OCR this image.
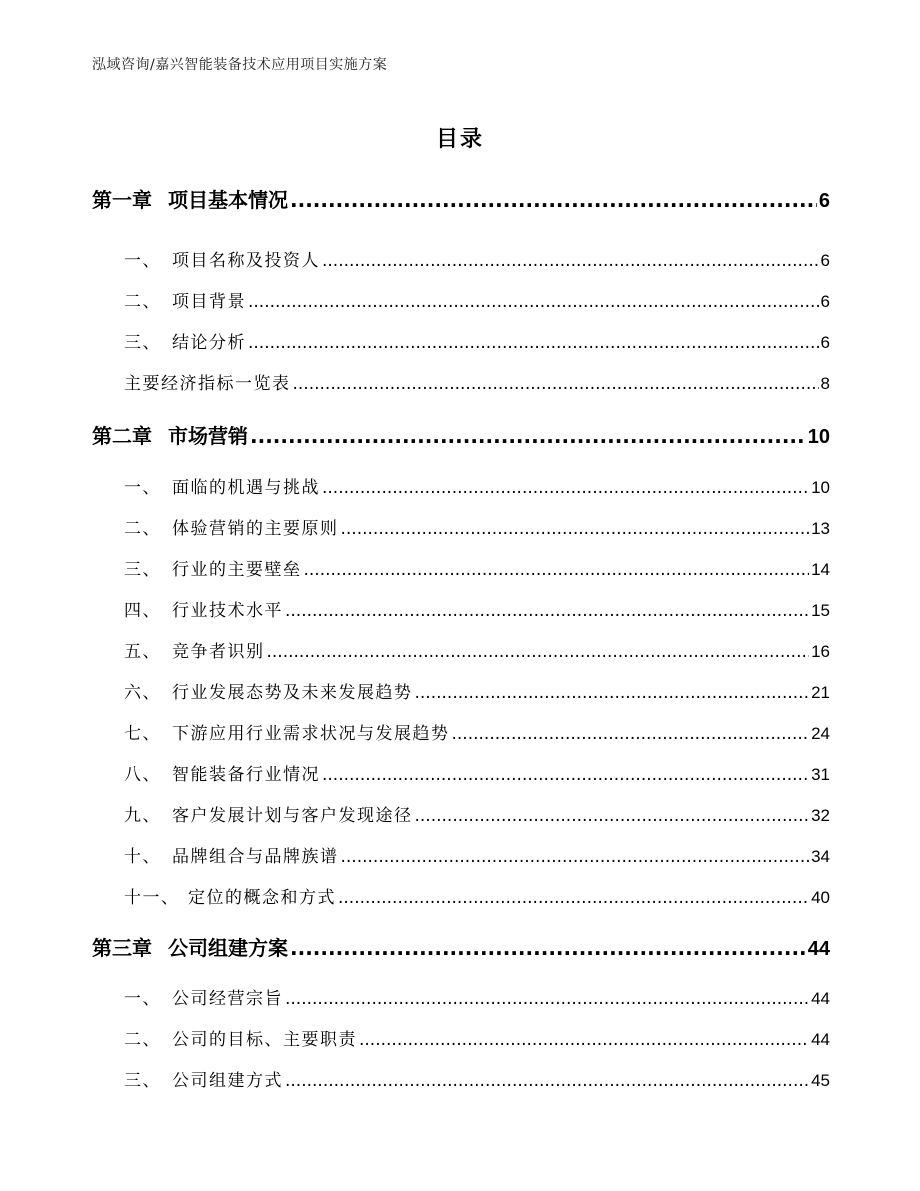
泓域咨询/嘉兴智能装备技术应用项目实施方案
目录
第一章 项目基本情况 .....	6
一、 项目名称及投资人 .....	6
二、 项目背景 .....	6
三、 结论分析 .....	6
主要经济指标一览表 .....	8
第二章 市场营销 .....	10
一、 面临的机遇与挑战 .....	10
二、 体验营销的主要原则 .....	13
三、 行业的主要壁垒 .....	14
四、 行业技术水平 .....	15
五、 竞争者识别 .....	16
六、 行业发展态势及未来发展趋势 .....	21
七、 下游应用行业需求状况与发展趋势 .....	24
八、 智能装备行业情况 .....	31
九、 客户发展计划与客户发现途径 .....	32
十、 品牌组合与品牌族谱 .....	34
十一、 定位的概念和方式 .....	40
第三章 公司组建方案 .....	44
一、 公司经营宗旨 .....	44
二、 公司的目标、主要职责 .....	44
三、 公司组建方式 .....	45
